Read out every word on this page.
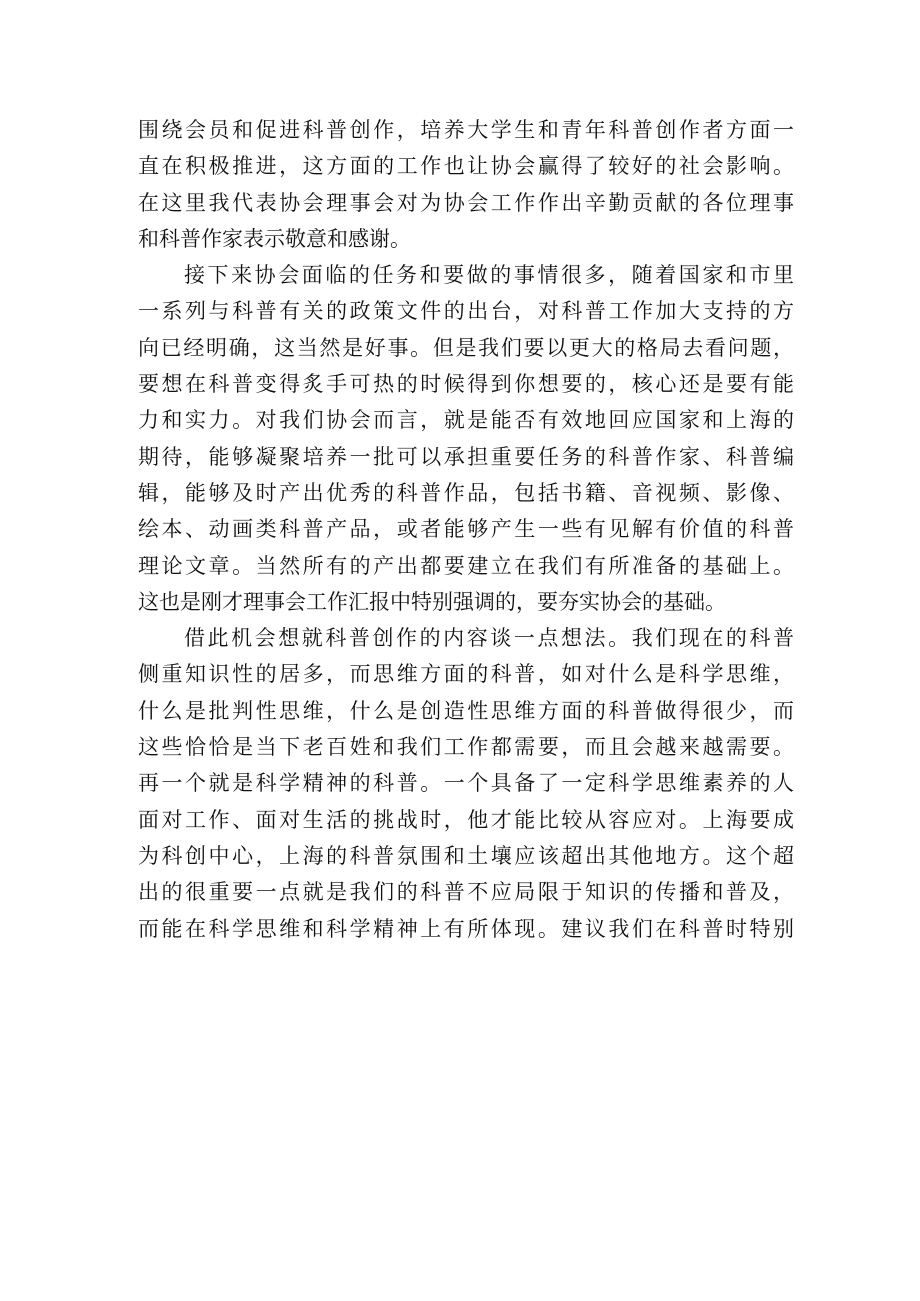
围绕会员和促进科普创作，培养大学生和青年科普创作者方面一
直在积极推进，这方面的工作也让协会赢得了较好的社会影响。
在这里我代表协会理事会对为协会工作作出辛勤贡献的各位理事
和科普作家表示敬意和感谢。
接下来协会面临的任务和要做的事情很多，随着国家和市里
一系列与科普有关的政策文件的出台，对科普工作加大支持的方
向已经明确，这当然是好事。但是我们要以更大的格局去看问题，
要想在科普变得炙手可热的时候得到你想要的，核心还是要有能
力和实力。对我们协会而言，就是能否有效地回应国家和上海的
期待，能够凝聚培养一批可以承担重要任务的科普作家、科普编
辑，能够及时产出优秀的科普作品，包括书籍、音视频、影像、
绘本、动画类科普产品，或者能够产生一些有见解有价值的科普
理论文章。当然所有的产出都要建立在我们有所准备的基础上。
这也是刚才理事会工作汇报中特别强调的，要夯实协会的基础。
借此机会想就科普创作的内容谈一点想法。我们现在的科普
侧重知识性的居多，而思维方面的科普，如对什么是科学思维，
什么是批判性思维，什么是创造性思维方面的科普做得很少，而
这些恰恰是当下老百姓和我们工作都需要，而且会越来越需要。
再一个就是科学精神的科普。一个具备了一定科学思维素养的人
面对工作、面对生活的挑战时，他才能比较从容应对。上海要成
为科创中心，上海的科普氛围和土壤应该超出其他地方。这个超
出的很重要一点就是我们的科普不应局限于知识的传播和普及，
而能在科学思维和科学精神上有所体现。建议我们在科普时特别
